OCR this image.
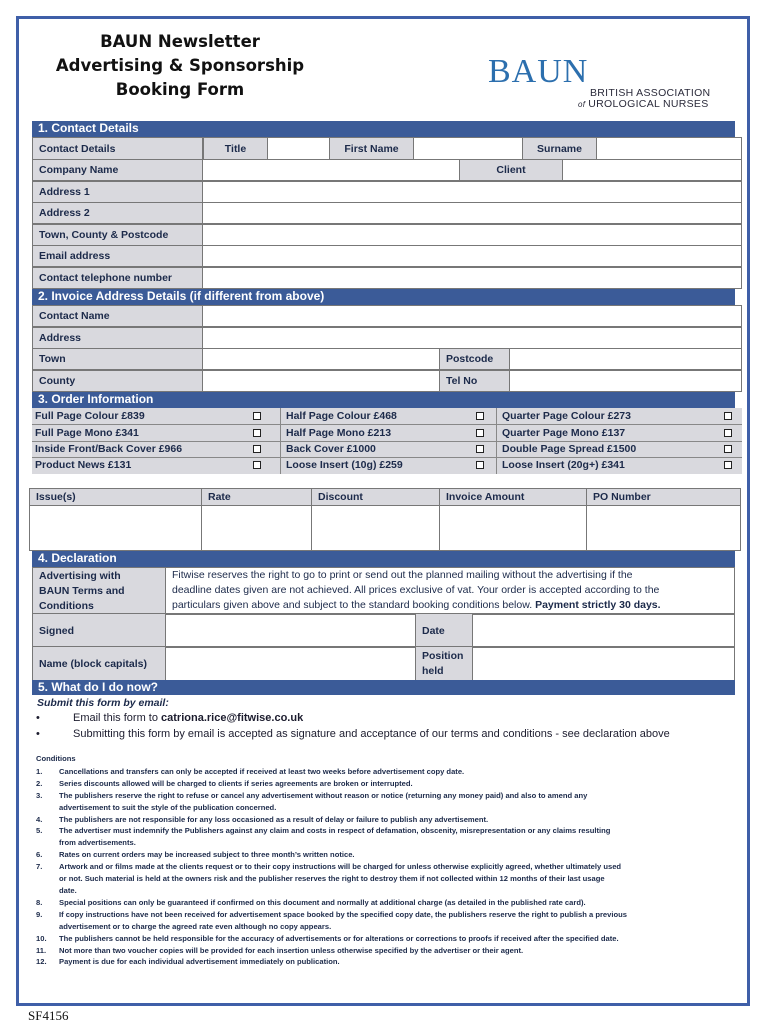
BAUN Newsletter
Advertising & Sponsorship
Booking Form	BAUN
BRITISH ASSOCIATION
of UROLOGICAL NURSES
1. Contact Details
Contact Details	Title	First Name	Surname
Company Name	Client
Address 1
Address 2
Town, County & Postcode
Email address
Contact telephone number
2. Invoice Address Details (if different from above)
Contact Name
Address
Town	Postcode
County	Tel No
3. Order Information
Full Page Colour £839	Half Page Colour £468	Quarter Page Colour £273
Full Page Mono £341	Half Page Mono £213	Quarter Page Mono £137
Inside Front/Back Cover £966	Back Cover £1000	Double Page Spread £1500
Product News £131	Loose Insert (10g) £259	Loose Insert (20g+) £341
Issue(s)	Rate	Discount	Invoice Amount	PO Number
4. Declaration
Advertising with
BAUN Terms and
Conditions
Fitwise reserves the right to go to print or send out the planned mailing without the advertising if the
deadline dates given are not achieved. All prices exclusive of vat. Your order is accepted according to the
particulars given above and subject to the standard booking conditions below. Payment strictly 30 days.
Signed	Date
Name (block capitals)
Position
held
5. What do I do now?
Submit this form by email:
•	Email this form to
catriona.rice@fitwise.co.uk
•	Submitting this form by email is accepted as signature and acceptance of our terms and conditions - see declaration above
Conditions
1.	Cancellations and transfers can only be accepted if received at least two weeks before advertisement copy date.
2.	Series discounts allowed will be charged to clients if series agreements are broken or interrupted.
3.	The publishers reserve the right to refuse or cancel any advertisement without reason or notice (returning any money paid) and also to amend any
advertisement to suit the style of the publication concerned.
4.	The publishers are not responsible for any loss occasioned as a result of delay or failure to publish any advertisement.
5.	The advertiser must indemnify the Publishers against any claim and costs in respect of defamation, obscenity, misrepresentation or any claims resulting
from advertisements.
6.	Rates on current orders may be increased subject to three month’s written notice.
7.	Artwork and or films made at the clients request or to their copy instructions will be charged for unless otherwise explicitly agreed, whether ultimately used
or not. Such material is held at the owners risk and the publisher reserves the right to destroy them if not collected within 12 months of their last usage
date.
8.	Special positions can only be guaranteed if confirmed on this document and normally at additional charge (as detailed in the published rate card).
9.	If copy instructions have not been received for advertisement space booked by the specified copy date, the publishers reserve the right to publish a previous
advertisement or to charge the agreed rate even although no copy appears.
10.	The publishers cannot be held responsible for the accuracy of advertisements or for alterations or corrections to proofs if received after the specified date.
11.	Not more than two voucher copies will be provided for each insertion unless otherwise specified by the advertiser or their agent.
12.	Payment is due for each individual advertisement immediately on publication.
SF4156
